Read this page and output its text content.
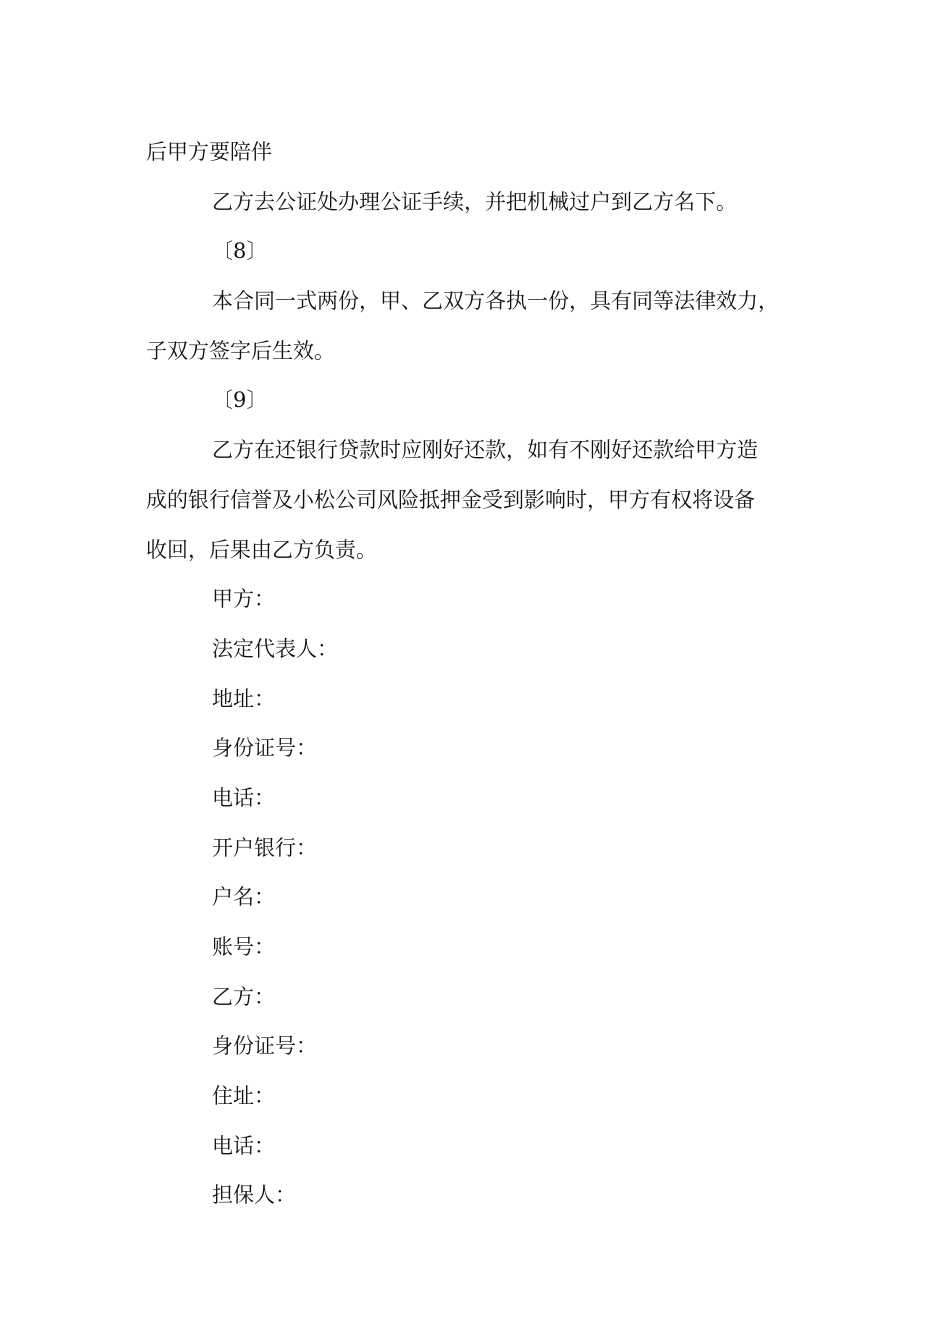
后甲方要陪伴
乙方去公证处办理公证手续，并把机械过户到乙方名下。
〔8〕
本合同一式两份，甲、乙双方各执一份，具有同等法律效力，
子双方签字后生效。
〔9〕
乙方在还银行贷款时应刚好还款，如有不刚好还款给甲方造
成的银行信誉及小松公司风险抵押金受到影响时，甲方有权将设备
收回，后果由乙方负责。
甲方：
法定代表人：
地址：
身份证号：
电话：
开户银行：
户名：
账号：
乙方：
身份证号：
住址：
电话：
担保人：
